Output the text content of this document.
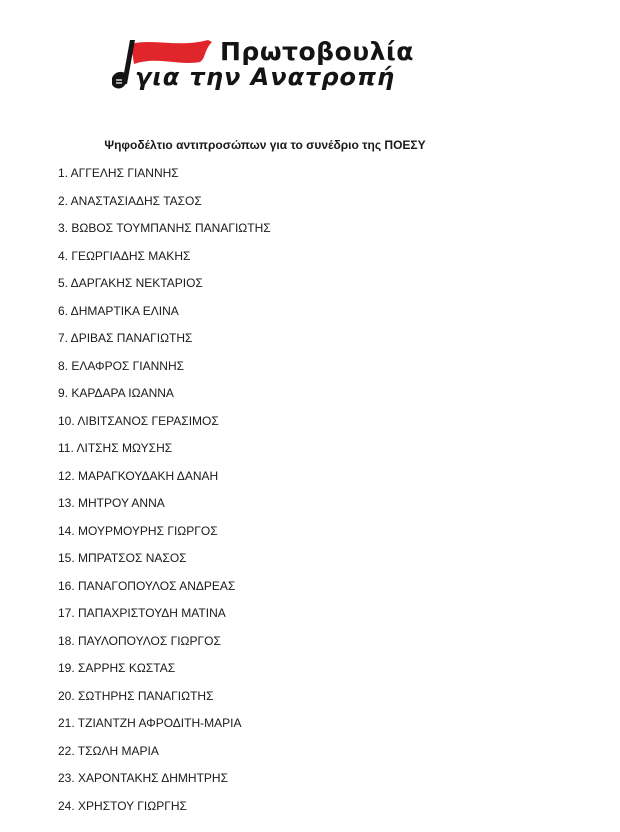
Πρωτοβουλία

για την Ανατροπή

Ψηφοδέλτιο αντιπροσώπων για το συνέδριο της ΠΟΕΣΥ
1. ΑΓΓΕΛΗΣ ΓΙΑΝΝΗΣ
2. ΑΝΑΣΤΑΣΙΑΔΗΣ ΤΑΣΟΣ
3. ΒΩΒΟΣ ΤΟΥΜΠΑΝΗΣ ΠΑΝΑΓΙΩΤΗΣ
4. ΓΕΩΡΓΙΑΔΗΣ ΜΑΚΗΣ
5. ΔΑΡΓΑΚΗΣ ΝΕΚΤΑΡΙΟΣ
6. ΔΗΜΑΡΤΙΚΑ ΕΛΙΝΑ
7. ΔΡΙΒΑΣ ΠΑΝΑΓΙΩΤΗΣ
8. ΕΛΑΦΡΟΣ ΓΙΑΝΝΗΣ
9. ΚΑΡΔΑΡΑ ΙΩΑΝΝΑ
10. ΛΙΒΙΤΣΑΝΟΣ ΓΕΡΑΣΙΜΟΣ
11. ΛΙΤΣΗΣ ΜΩΥΣΗΣ
12. ΜΑΡΑΓΚΟΥΔΑΚΗ ΔΑΝΑΗ
13. ΜΗΤΡΟΥ ΑΝΝΑ
14. ΜΟΥΡΜΟΥΡΗΣ ΓΙΩΡΓΟΣ
15. ΜΠΡΑΤΣΟΣ ΝΑΣΟΣ
16. ΠΑΝΑΓΟΠΟΥΛΟΣ ΑΝΔΡΕΑΣ
17. ΠΑΠΑΧΡΙΣΤΟΥΔΗ ΜΑΤΙΝΑ
18. ΠΑΥΛΟΠΟΥΛΟΣ ΓΙΩΡΓΟΣ
19. ΣΑΡΡΗΣ ΚΩΣΤΑΣ
20. ΣΩΤΗΡΗΣ ΠΑΝΑΓΙΩΤΗΣ
21. ΤΖΙΑΝΤΖΗ ΑΦΡΟΔΙΤΗ-ΜΑΡΙΑ
22. ΤΣΩΛΗ ΜΑΡΙΑ
23. ΧΑΡΟΝΤΑΚΗΣ ΔΗΜΗΤΡΗΣ
24. ΧΡΗΣΤΟΥ ΓΙΩΡΓΗΣ
